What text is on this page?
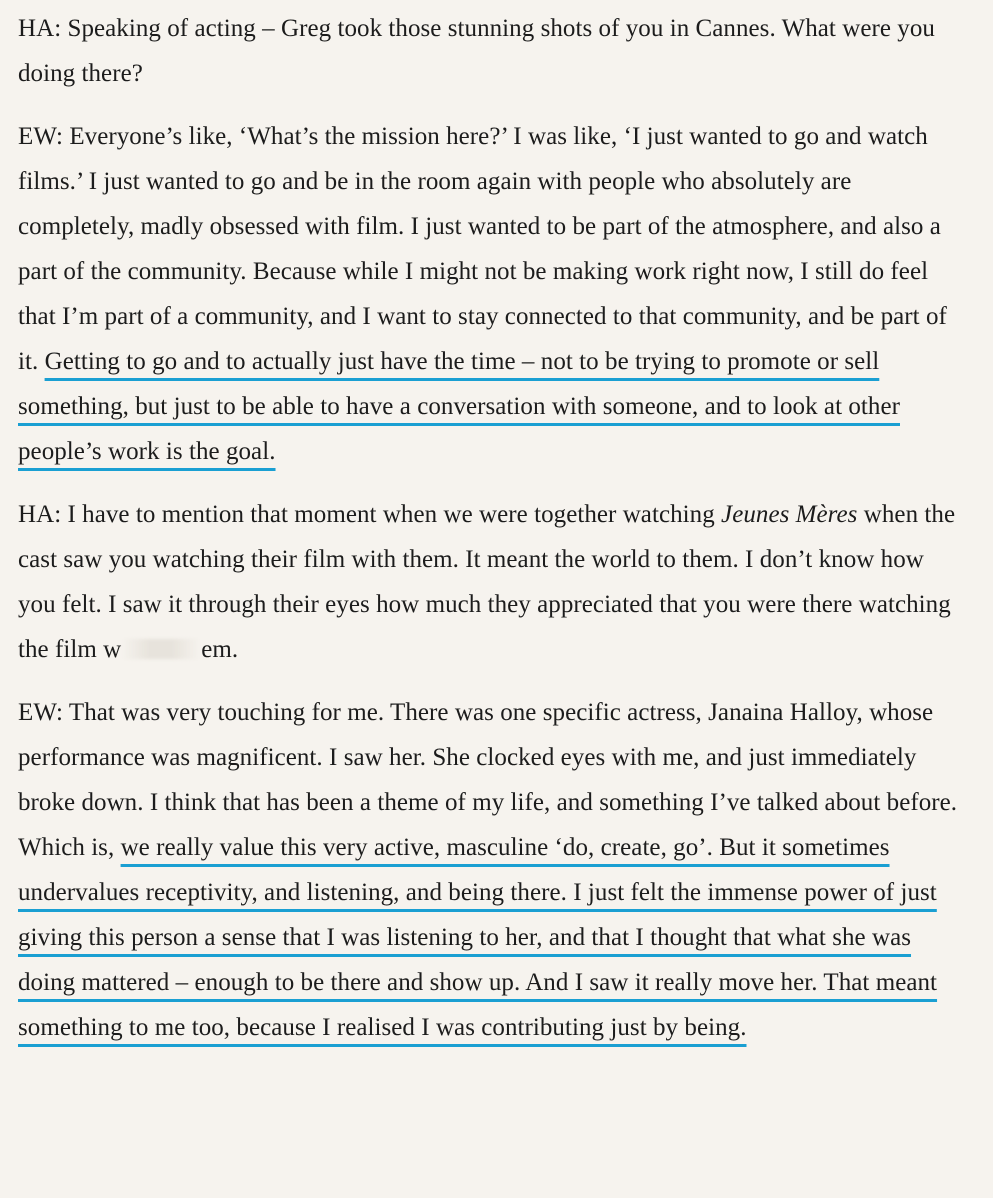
HA: Speaking of acting – Greg took those stunning shots of you in Cannes. What were you doing there?

EW: Everyone’s like, ‘What’s the mission here?’ I was like, ‘I just wanted to go and watch films.’ I just wanted to go and be in the room again with people who absolutely are completely, madly obsessed with film. I just wanted to be part of the atmosphere, and also a part of the community. Because while I might not be making work right now, I still do feel that I’m part of a community, and I want to stay connected to that community, and be part of it. Getting to go and to actually just have the time – not to be trying to promote or sell something, but just to be able to have a conversation with someone, and to look at other people’s work is the goal.

HA: I have to mention that moment when we were together watching Jeunes Mères when the cast saw you watching their film with them. It meant the world to them. I don’t know how you felt. I saw it through their eyes how much they appreciated that you were there watching the film w	em.

EW: That was very touching for me. There was one specific actress, Janaina Halloy, whose performance was magnificent. I saw her. She clocked eyes with me, and just immediately broke down. I think that has been a theme of my life, and something I’ve talked about before. Which is, we really value this very active, masculine ‘do, create, go’. But it sometimes undervalues receptivity, and listening, and being there. I just felt the immense power of just giving this person a sense that I was listening to her, and that I thought that what she was doing mattered – enough to be there and show up. And I saw it really move her. That meant something to me too, because I realised I was contributing just by being.
